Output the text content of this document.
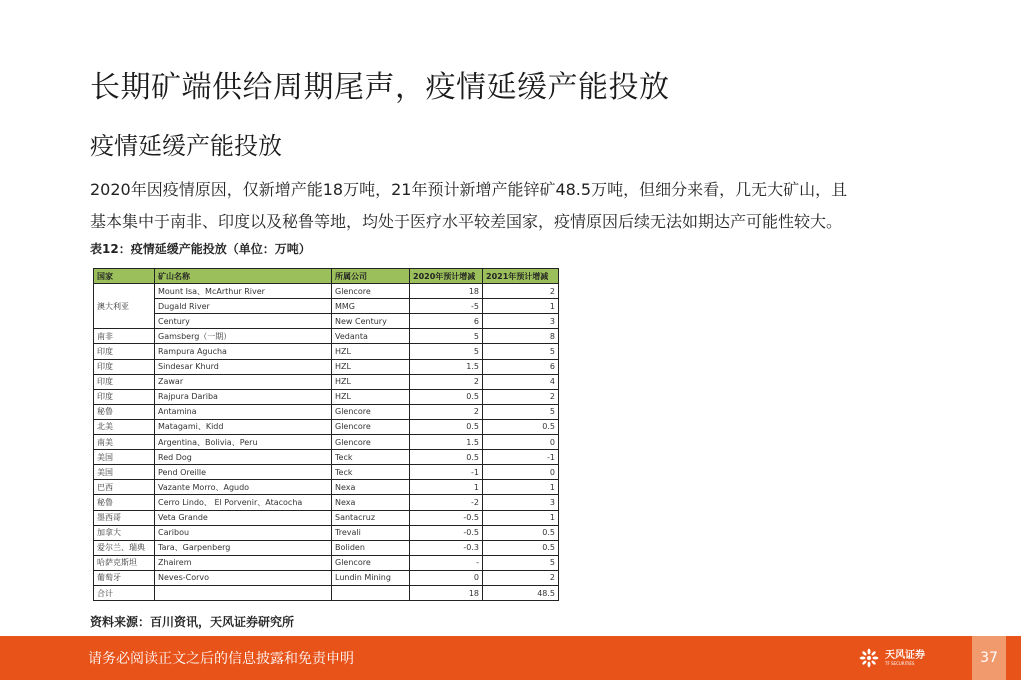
长期矿端供给周期尾声，疫情延缓产能投放
疫情延缓产能投放

2020年因疫情原因，仅新增产能18万吨，21年预计新增产能锌矿48.5万吨，但细分来看，几无大矿山，且

基本集中于南非、印度以及秘鲁等地，均处于医疗水平较差国家，疫情原因后续无法如期达产可能性较大。

表12：疫情延缓产能投放（单位：万吨）
国家	矿山名称	所属公司	2020年预计增减	2021年预计增减
澳大利亚	Mount Isa、McArthur River	Glencore	18	2
	Dugald River	MMG	-5	1
	Century	New Century	6	3
南非	Gamsberg（一期）	Vedanta	5	8
印度	Rampura Agucha	HZL	5	5
印度	Sindesar Khurd	HZL	1.5	6
印度	Zawar	HZL	2	4
印度	Rajpura Dariba	HZL	0.5	2
秘鲁	Antamina	Glencore	2	5
北美	Matagami、Kidd	Glencore	0.5	0.5
南美	Argentina、Bolivia、Peru	Glencore	1.5	0
美国	Red Dog	Teck	0.5	-1
美国	Pend Oreille	Teck	-1	0
巴西	Vazante Morro、Agudo	Nexa	1	1
秘鲁	Cerro Lindo、 El Porvenir、Atacocha	Nexa	-2	3
墨西哥	Veta Grande	Santacruz	-0.5	1
加拿大	Caribou	Trevali	-0.5	0.5
爱尔兰、瑞典	Tara、Garpenberg	Boliden	-0.3	0.5
哈萨克斯坦	Zhairem	Glencore	-	5
葡萄牙	Neves-Corvo	Lundin Mining	0	2
合计			18	48.5
资料来源：百川资讯，天风证券研究所
请务必阅读正文之后的信息披露和免责申明	天风证券
TF SECURITIES	37
